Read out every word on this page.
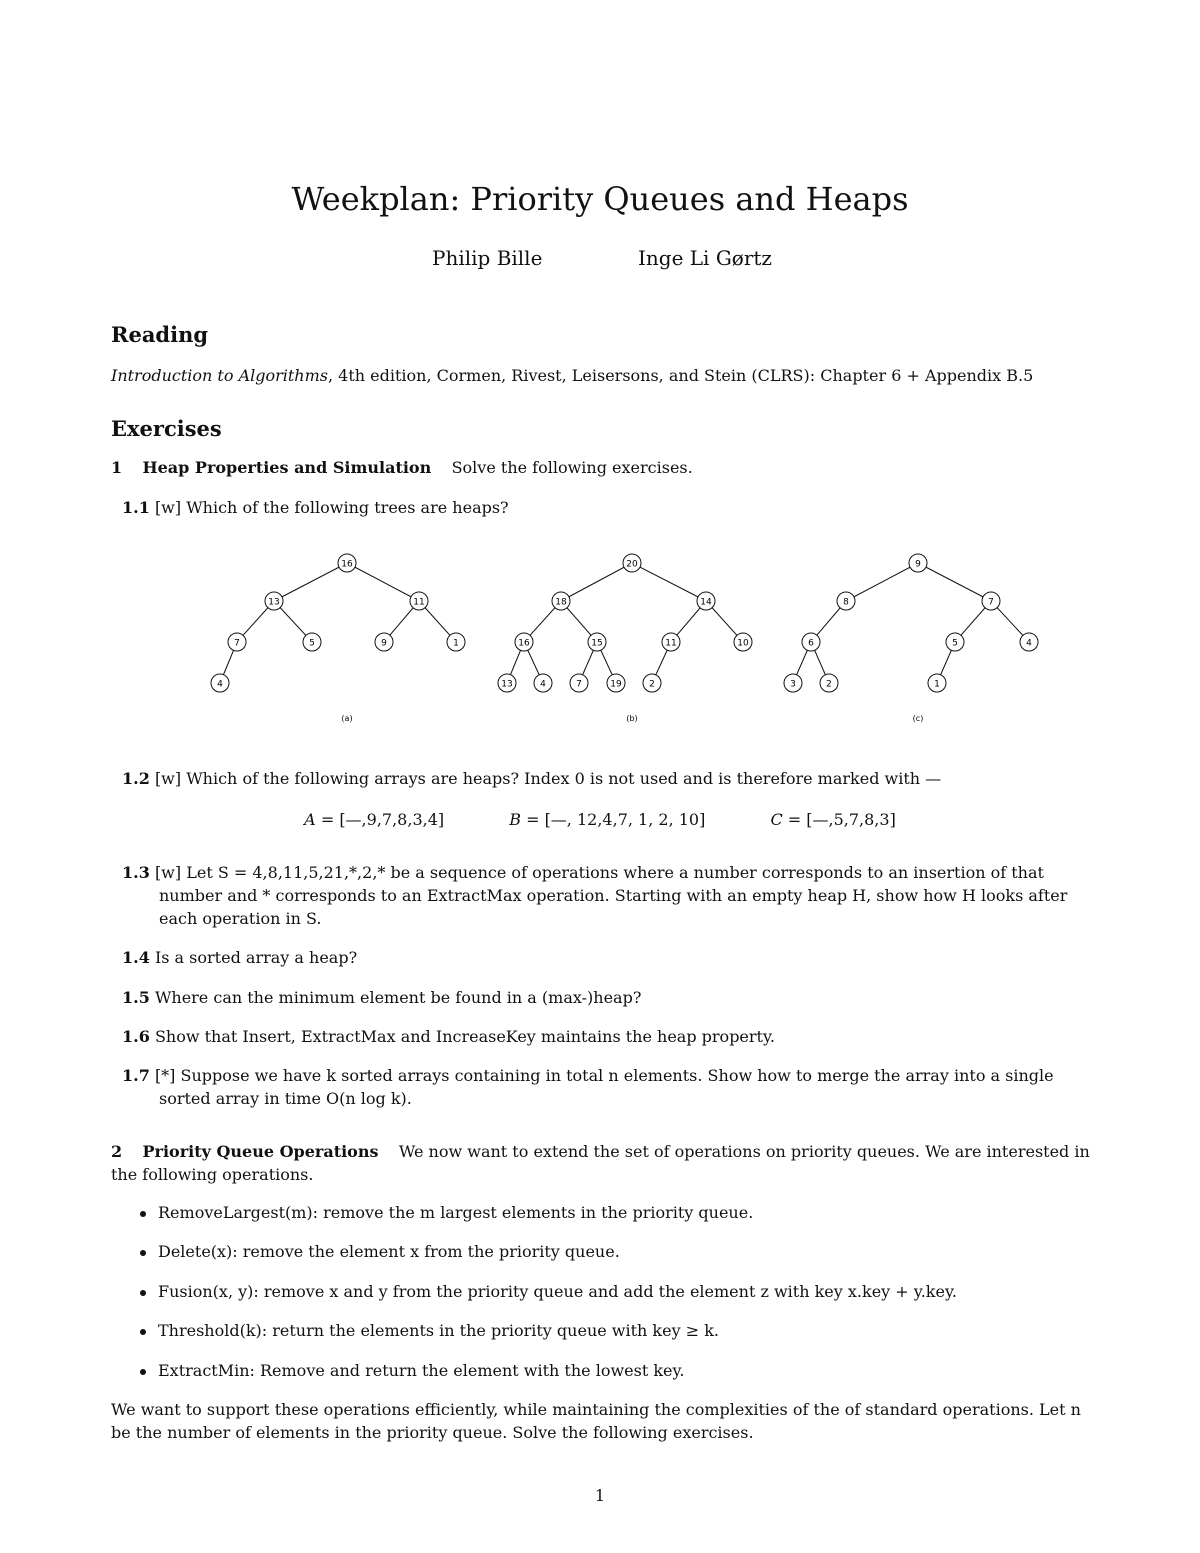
Weekplan: Priority Queues and Heaps
Philip Bille	Inge Li Gørtz
Reading
Introduction to Algorithms, 4th edition, Cormen, Rivest, Leisersons, and Stein (CLRS): Chapter 6 + Appendix B.5
Exercises
1 Heap Properties and Simulation Solve the following exercises.
1.1 [w] Which of the following trees are heaps?
16
13	11
7	5	9	1
4
(a)
20
18	14
16	15	11	10
13	4	7	19	2
(b)
9
8	7
6	5	4
3	2	1
(c)
1.2 [w] Which of the following arrays are heaps? Index 0 is not used and is therefore marked with —
A = [—,9,7,8,3,4]	B = [—, 12,4,7, 1, 2, 10]	C = [—,5,7,8,3]
1.3 [w] Let S = 4,8,11,5,21,*,2,* be a sequence of operations where a number corresponds to an insertion of that
number and * corresponds to an ExtractMax operation. Starting with an empty heap H, show how H looks after
each operation in S.
1.4 Is a sorted array a heap?
1.5 Where can the minimum element be found in a (max-)heap?
1.6 Show that Insert, ExtractMax and IncreaseKey maintains the heap property.
1.7 [*] Suppose we have k sorted arrays containing in total n elements. Show how to merge the array into a single
sorted array in time O(n log k).
2 Priority Queue Operations We now want to extend the set of operations on priority queues. We are interested in
the following operations.
RemoveLargest(m): remove the m largest elements in the priority queue.
Delete(x): remove the element x from the priority queue.
Fusion(x, y): remove x and y from the priority queue and add the element z with key x.key + y.key.
Threshold(k): return the elements in the priority queue with key ≥ k.
ExtractMin: Remove and return the element with the lowest key.
We want to support these operations efficiently, while maintaining the complexities of the of standard operations. Let n
be the number of elements in the priority queue. Solve the following exercises.
1
